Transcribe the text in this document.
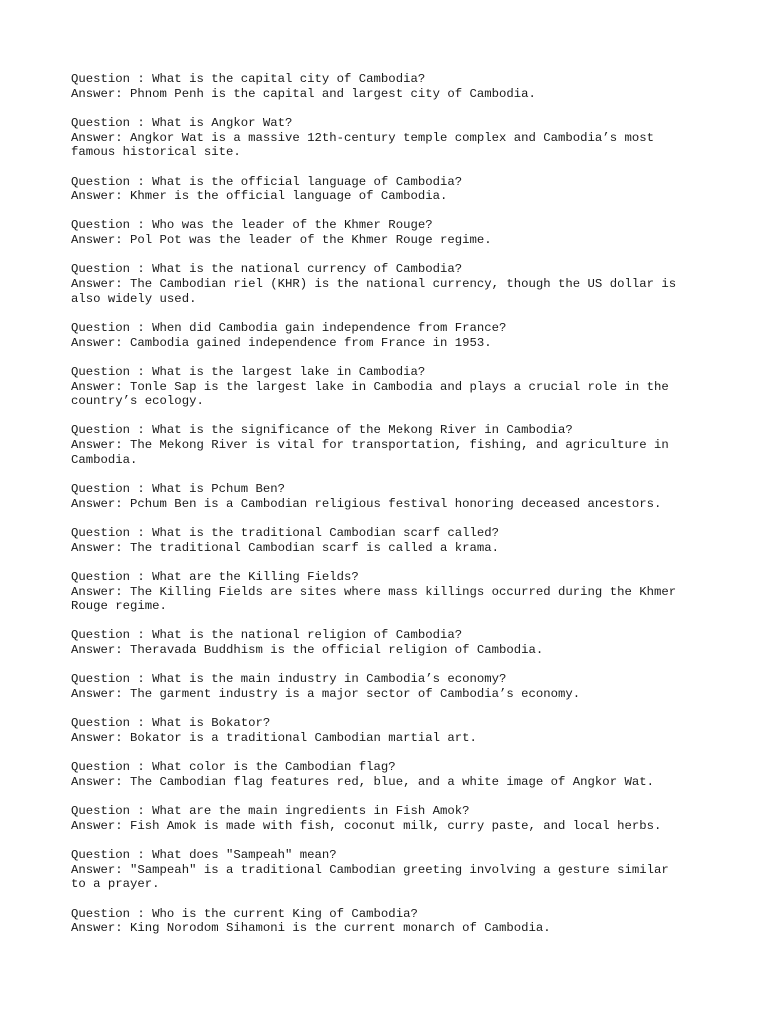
Question : What is the capital city of Cambodia?
Answer: Phnom Penh is the capital and largest city of Cambodia.
Question : What is Angkor Wat?
Answer: Angkor Wat is a massive 12th-century temple complex and Cambodia’s most
famous historical site.
Question : What is the official language of Cambodia?
Answer: Khmer is the official language of Cambodia.
Question : Who was the leader of the Khmer Rouge?
Answer: Pol Pot was the leader of the Khmer Rouge regime.
Question : What is the national currency of Cambodia?
Answer: The Cambodian riel (KHR) is the national currency, though the US dollar is
also widely used.
Question : When did Cambodia gain independence from France?
Answer: Cambodia gained independence from France in 1953.
Question : What is the largest lake in Cambodia?
Answer: Tonle Sap is the largest lake in Cambodia and plays a crucial role in the
country’s ecology.
Question : What is the significance of the Mekong River in Cambodia?
Answer: The Mekong River is vital for transportation, fishing, and agriculture in
Cambodia.
Question : What is Pchum Ben?
Answer: Pchum Ben is a Cambodian religious festival honoring deceased ancestors.
Question : What is the traditional Cambodian scarf called?
Answer: The traditional Cambodian scarf is called a krama.
Question : What are the Killing Fields?
Answer: The Killing Fields are sites where mass killings occurred during the Khmer
Rouge regime.
Question : What is the national religion of Cambodia?
Answer: Theravada Buddhism is the official religion of Cambodia.
Question : What is the main industry in Cambodia’s economy?
Answer: The garment industry is a major sector of Cambodia’s economy.
Question : What is Bokator?
Answer: Bokator is a traditional Cambodian martial art.
Question : What color is the Cambodian flag?
Answer: The Cambodian flag features red, blue, and a white image of Angkor Wat.
Question : What are the main ingredients in Fish Amok?
Answer: Fish Amok is made with fish, coconut milk, curry paste, and local herbs.
Question : What does "Sampeah" mean?
Answer: "Sampeah" is a traditional Cambodian greeting involving a gesture similar
to a prayer.
Question : Who is the current King of Cambodia?
Answer: King Norodom Sihamoni is the current monarch of Cambodia.
